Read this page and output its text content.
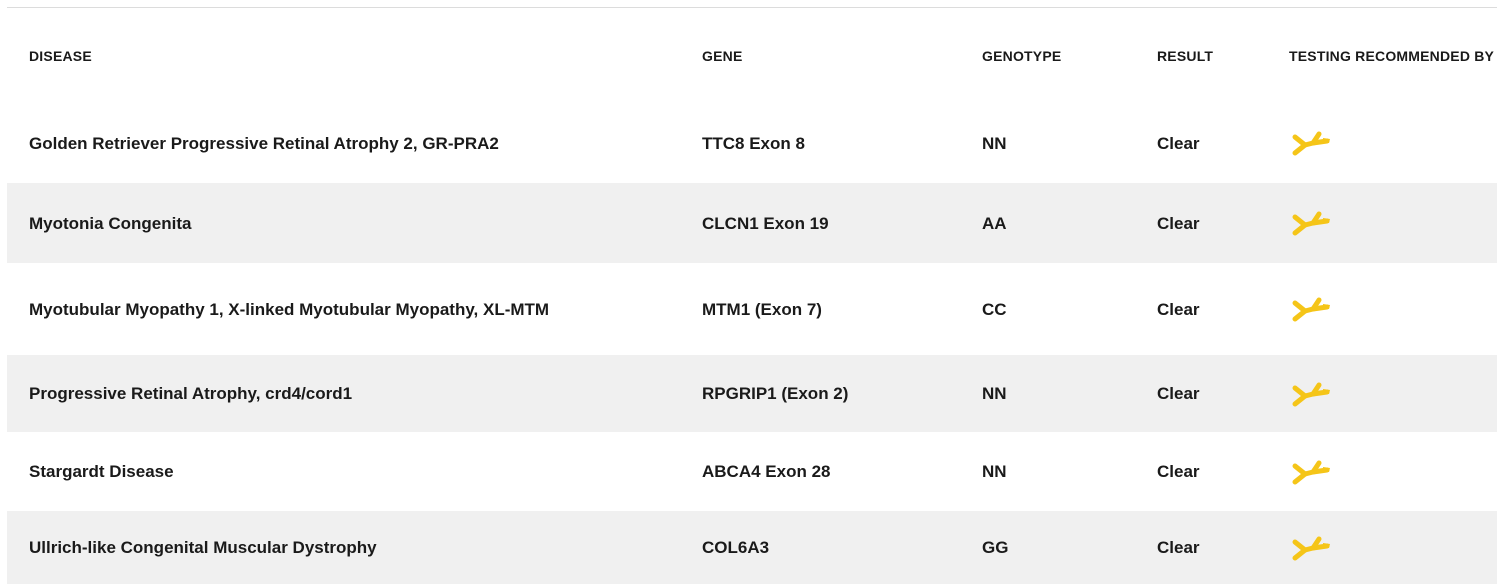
DISEASE	GENE	GENOTYPE	RESULT	TESTING RECOMMENDED BY
Golden Retriever Progressive Retinal Atrophy 2, GR-PRA2	TTC8 Exon 8	NN	Clear	

Myotonia Congenita	CLCN1 Exon 19	AA	Clear	

Myotubular Myopathy 1, X-linked Myotubular Myopathy, XL-MTM	MTM1 (Exon 7)	CC	Clear	

Progressive Retinal Atrophy, crd4/cord1	RPGRIP1 (Exon 2)	NN	Clear	

Stargardt Disease	ABCA4 Exon 28	NN	Clear	

Ullrich-like Congenital Muscular Dystrophy	COL6A3	GG	Clear	
